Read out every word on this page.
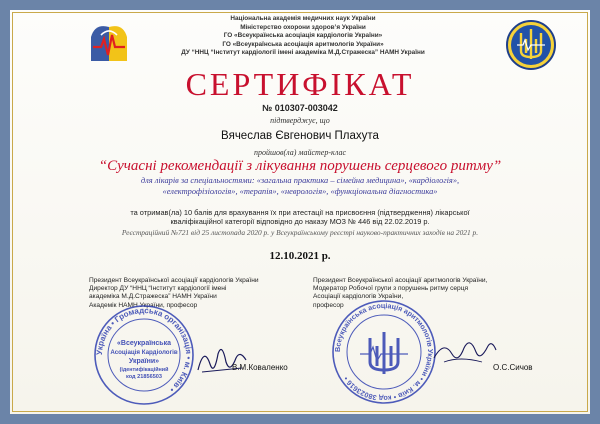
Національна академія медичних наук України
Міністерство охорони здоров’я України
ГО «Всеукраїнська асоціація кардіологів України»
ГО «Всеукраїнська асоціація аритмологів України»
ДУ “ННЦ “Інститут кардіології імені академіка М.Д.Стражеска” НАМН України
СЕРТИФІКАТ
№ 010307-003042
підтверджує, що
Вячеслав Євгенович Плахута
пройшов(ла) майстер-клас
“Сучасні рекомендації з лікування порушень серцевого ритму”
для лікарів за спеціальностями: «загальна практика – сімейна медицина», «кардіологія», «електрофізіологія», «терапія», «неврологія», «функціональна діагностика»
та отримав(ла) 10 балів для врахування їх при атестації на присвоєння (підтвердження) лікарської кваліфікаційної категорії відповідно до наказу МОЗ № 446 від 22.02.2019 р.
Реєстраційний №721 від 25 листопада 2020 р. у Всеукраїнському реєстрі науково-практичних заходів на 2021 р.
12.10.2021 р.
Президент Всеукраїнської асоціації кардіологів України
Директор ДУ “ННЦ “Інститут кардіології імені
академіка М.Д.Стражеска” НАМН України
Академік НАМН України, професор
Президент Всеукраїнської асоціації аритмологів України,
Модератор Робочої групи з порушень ритму серця
Асоціації кардіологів України,
професор
Україна • Громадська організація • м. Київ •
«Всеукраїнська
Асоціація Кардіологів
України»
(ідентифікаційний
код 21856503
Всеукраїнська асоціація аритмологів України • м. Київ • код 38023616 •
В.М.Коваленко	О.С.Сичов
